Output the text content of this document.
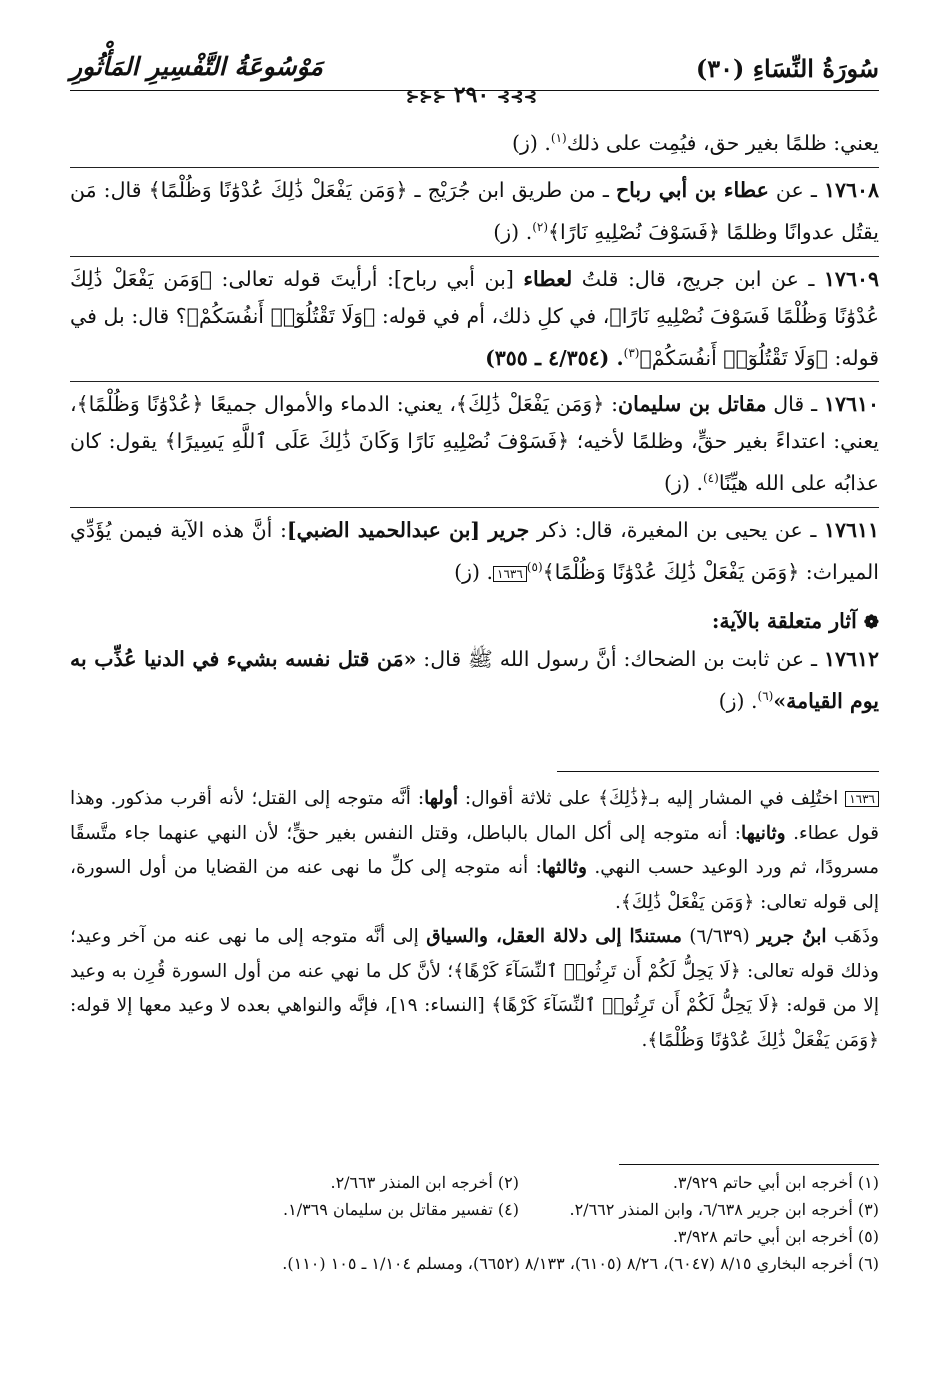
سُورَةُ النِّسَاءِ (٣٠)
مَوْسُوعَةُ التَّفْسِيرِ المَأْثُورِ
⊱⊱⊱ ٢٩٠ ⊰⊰⊰

يعني: ظلمًا بغير حق، فيُمِت على ذلك$^{(١)}$. (ز)

١٧٦٠٨ ـ عن عطاء بن أبي رباح ـ من طريق ابن جُرَيْج ـ ﴿وَمَن يَفْعَلْ ذَٰلِكَ عُدْوَٰنًا وَظُلْمًا﴾ قال: مَن يقتُل عدوانًا وظلمًا ﴿فَسَوْفَ نُصْلِيهِ نَارًا﴾$^{(٢)}$. (ز)

١٧٦٠٩ ـ عن ابن جريج، قال: قلتُ لعطاء [بن أبي رباح]: أرأيتَ قوله تعالى: ﴿وَمَن يَفْعَلْ ذَٰلِكَ عُدْوَٰنًا وَظُلْمًا فَسَوْفَ نُصْلِيهِ نَارًا﴾، في كلِ ذلك، أم في قوله: ﴿وَلَا تَقْتُلُوٓا۟ أَنفُسَكُمْ﴾؟ قال: بل في قوله: ﴿وَلَا تَقْتُلُوٓا۟ أَنفُسَكُمْ﴾$^{(٣)}$. (٤/٣٥٤ ـ ٣٥٥)

١٧٦١٠ ـ قال مقاتل بن سليمان: ﴿وَمَن يَفْعَلْ ذَٰلِكَ﴾، يعني: الدماء والأموال جميعًا ﴿عُدْوَٰنًا وَظُلْمًا﴾، يعني: اعتداءً بغير حقٍّ، وظلمًا لأخيه؛ ﴿فَسَوْفَ نُصْلِيهِ نَارًا وَكَانَ ذَٰلِكَ عَلَى ٱللَّهِ يَسِيرًا﴾ يقول: كان عذابُه على الله هيِّنًا$^{(٤)}$. (ز)

١٧٦١١ ـ عن يحيى بن المغيرة، قال: ذكر جرير [بن عبدالحميد الضبي]: أنَّ هذه الآية فيمن يُؤَدِّي الميراث: ﴿وَمَن يَفْعَلْ ذَٰلِكَ عُدْوَٰنًا وَظُلْمًا﴾$^{(٥)}$١٦٣٦. (ز)

❁ آثار متعلقة بالآية:

١٧٦١٢ ـ عن ثابت بن الضحاك: أنَّ رسول الله ﷺ قال: «مَن قتل نفسه بشيء في الدنيا عُذِّب به يوم القيامة»$^{(٦)}$. (ز)

١٦٣٦ اختُلِف في المشار إليه بـ﴿ذَٰلِكَ﴾ على ثلاثة أقوال: أولها: أنَّه متوجه إلى القتل؛ لأنه أقرب مذكور. وهذا قول عطاء. وثانيها: أنه متوجه إلى أكل المال بالباطل، وقتل النفس بغير حقٍّ؛ لأن النهي عنهما جاء متَّسقًا مسرودًا، ثم ورد الوعيد حسب النهي. وثالثها: أنه متوجه إلى كلِّ ما نهى عنه من القضايا من أول السورة، إلى قوله تعالى: ﴿وَمَن يَفْعَلْ ذَٰلِكَ﴾.

وذَهَب ابنُ جرير (٦/٦٣٩) مستندًا إلى دلالة العقل، والسياق إلى أنَّه متوجه إلى ما نهى عنه من آخر وعيد؛ وذلك قوله تعالى: ﴿لَا يَحِلُّ لَكُمْ أَن تَرِثُوا۟ ٱلنِّسَآءَ كَرْهًا﴾؛ لأنَّ كل ما نهي عنه من أول السورة قُرِن به وعيد إلا من قوله: ﴿لَا يَحِلُّ لَكُمْ أَن تَرِثُوا۟ ٱلنِّسَآءَ كَرْهًا﴾ [النساء: ١٩]، فإنَّه والنواهي بعده لا وعيد معها إلا قوله: ﴿وَمَن يَفْعَلْ ذَٰلِكَ عُدْوَٰنًا وَظُلْمًا﴾.

(١) أخرجه ابن أبي حاتم ٣/٩٢٩.
(٢) أخرجه ابن المنذر ٢/٦٦٣.
(٣) أخرجه ابن جرير ٦/٦٣٨، وابن المنذر ٢/٦٦٢.
(٤) تفسير مقاتل بن سليمان ١/٣٦٩.
(٥) أخرجه ابن أبي حاتم ٣/٩٢٨.
(٦) أخرجه البخاري ٨/١٥ (٦٠٤٧)، ٨/٢٦ (٦١٠٥)، ٨/١٣٣ (٦٦٥٢)، ومسلم ١/١٠٤ ـ ١٠٥ (١١٠).
